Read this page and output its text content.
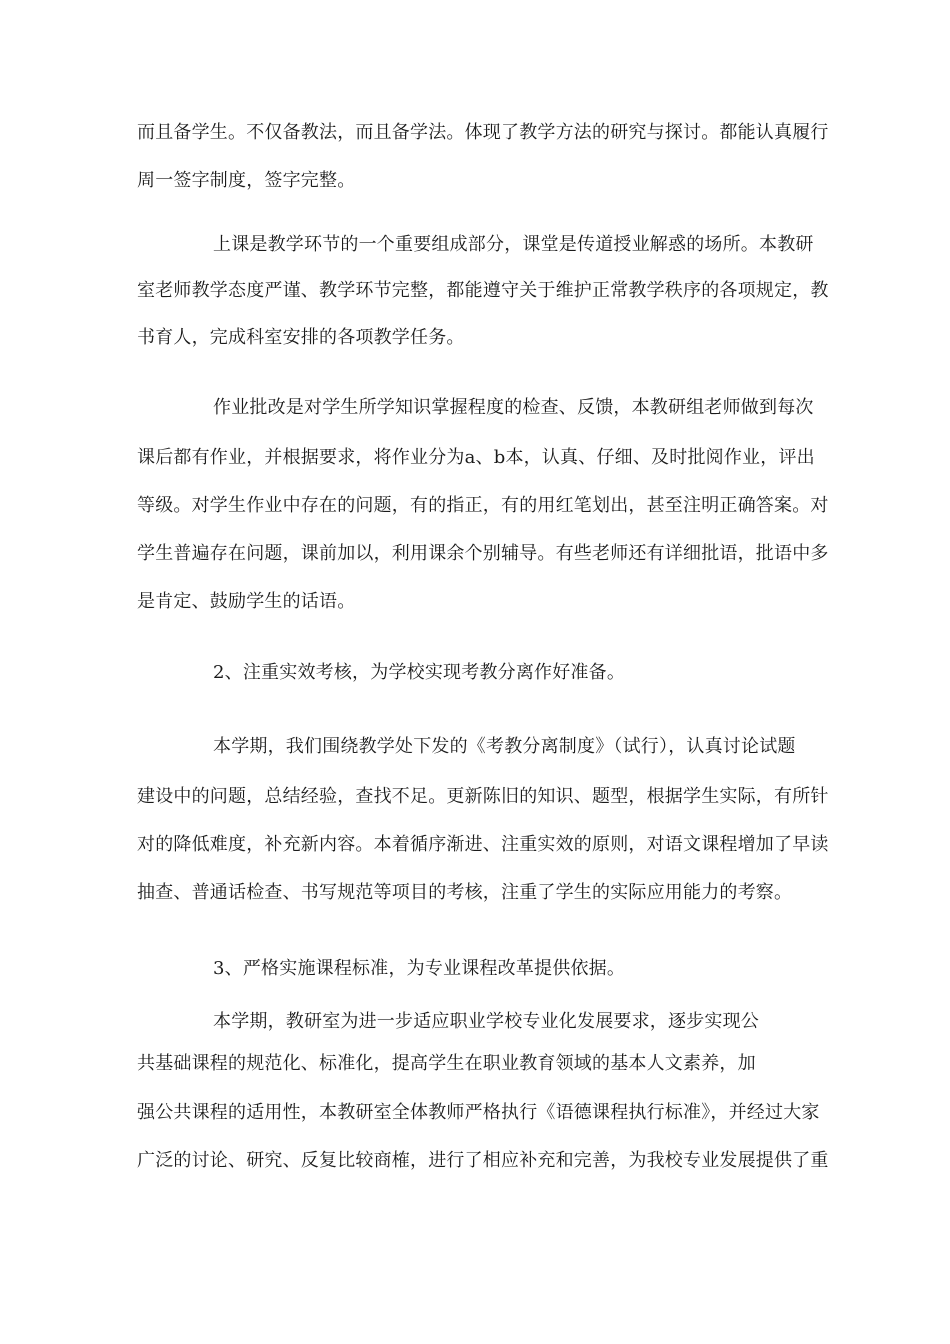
而且备学生。不仅备教法，而且备学法。体现了教学方法的研究与探讨。都能认真履行
周一签字制度，签字完整。
上课是教学环节的一个重要组成部分，课堂是传道授业解惑的场所。本教研
室老师教学态度严谨、教学环节完整，都能遵守关于维护正常教学秩序的各项规定，教
书育人，完成科室安排的各项教学任务。
作业批改是对学生所学知识掌握程度的检查、反馈，本教研组老师做到每次
课后都有作业，并根据要求，将作业分为a、b本，认真、仔细、及时批阅作业，评出
等级。对学生作业中存在的问题，有的指正，有的用红笔划出，甚至注明正确答案。对
学生普遍存在问题，课前加以，利用课余个别辅导。有些老师还有详细批语，批语中多
是肯定、鼓励学生的话语。
2、注重实效考核，为学校实现考教分离作好准备。
本学期，我们围绕教学处下发的《考教分离制度》（试行），认真讨论试题
建设中的问题，总结经验，查找不足。更新陈旧的知识、题型，根据学生实际，有所针
对的降低难度，补充新内容。本着循序渐进、注重实效的原则，对语文课程增加了早读
抽查、普通话检查、书写规范等项目的考核，注重了学生的实际应用能力的考察。
3、严格实施课程标准，为专业课程改革提供依据。
本学期，教研室为进一步适应职业学校专业化发展要求，逐步实现公
共基础课程的规范化、标准化，提高学生在职业教育领域的基本人文素养，加
强公共课程的适用性，本教研室全体教师严格执行《语德课程执行标准》，并经过大家
广泛的讨论、研究、反复比较商榷，进行了相应补充和完善，为我校专业发展提供了重
